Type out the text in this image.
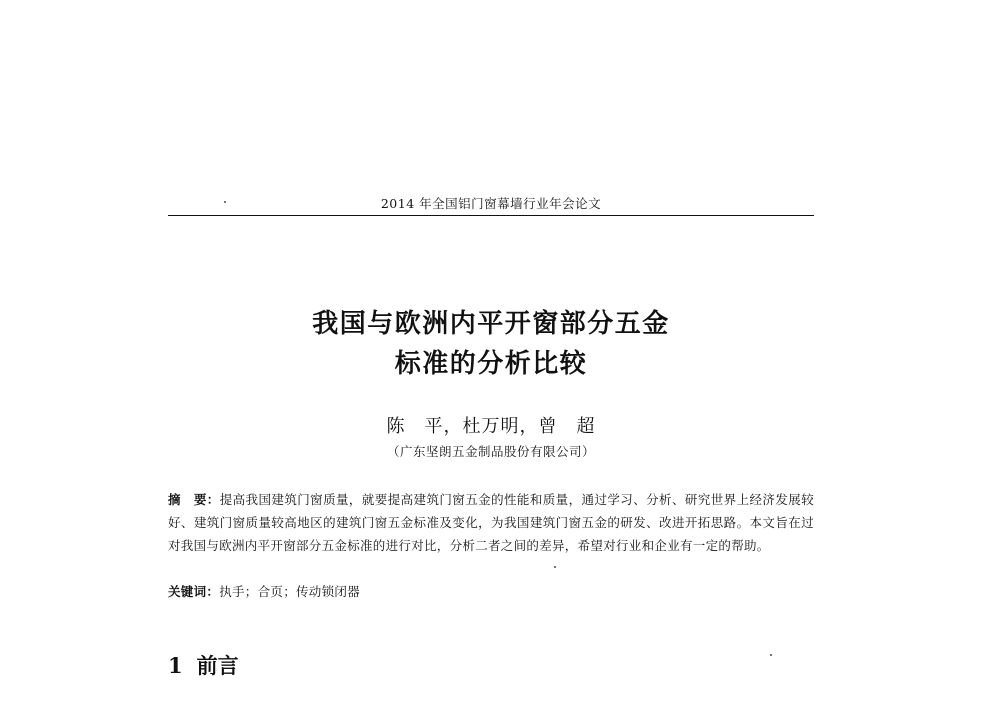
2014 年全国铝门窗幕墙行业年会论文
我国与欧洲内平开窗部分五金
标准的分析比较
陈　平，杜万明，曾　超
（广东坚朗五金制品股份有限公司）
摘　要：提高我国建筑门窗质量，就要提高建筑门窗五金的性能和质量，通过学习、分析、研究世界上经济发展较好、建筑门窗质量较高地区的建筑门窗五金标准及变化，为我国建筑门窗五金的研发、改进开拓思路。本文旨在过对我国与欧洲内平开窗部分五金标准的进行对比，分析二者之间的差异，希望对行业和企业有一定的帮助。
关键词：执手；合页；传动锁闭器
1 前言
